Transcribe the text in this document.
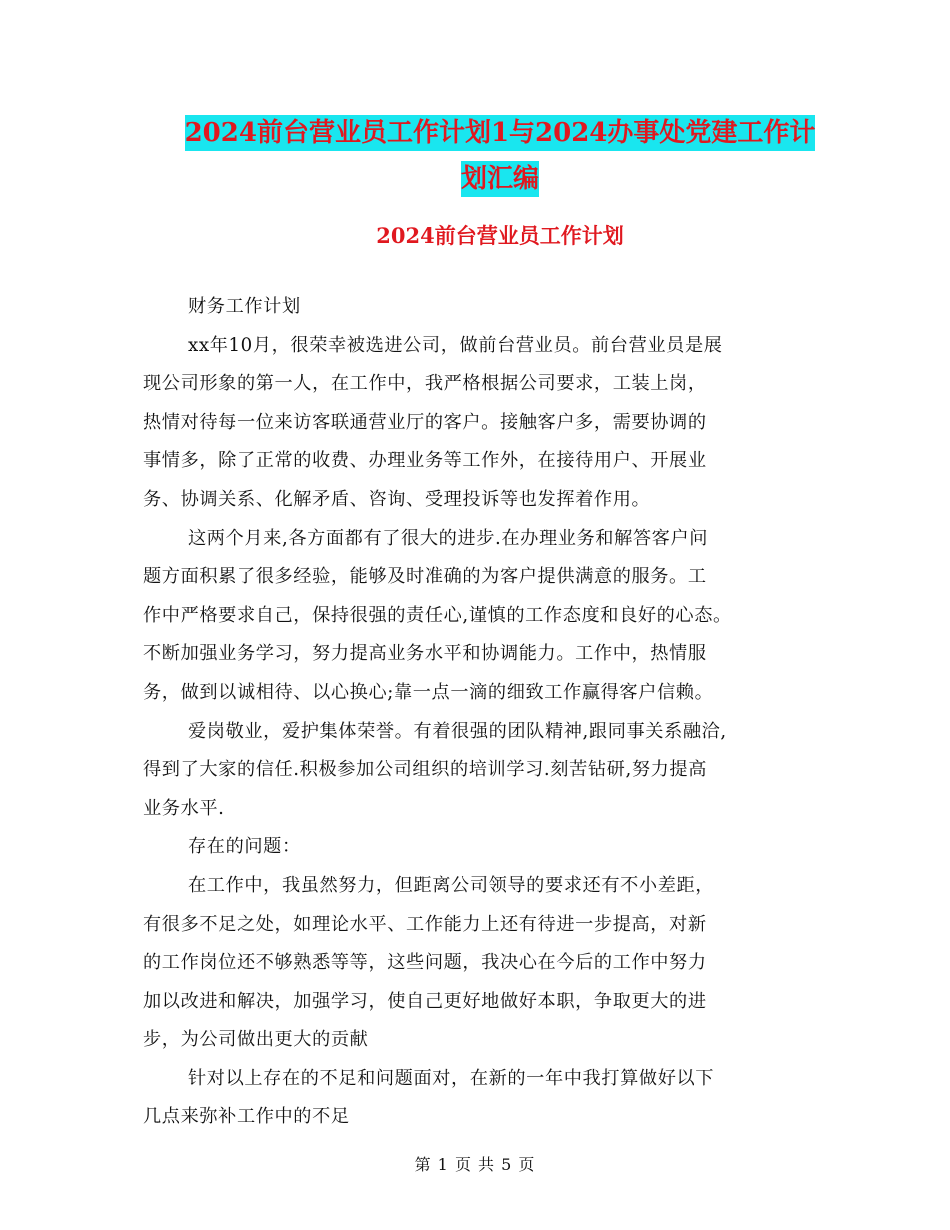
2024前台营业员工作计划1与2024办事处党建工作计
划汇编
2024前台营业员工作计划
财务工作计划
xx年10月，很荣幸被选进公司，做前台营业员。前台营业员是展
现公司形象的第一人，在工作中，我严格根据公司要求，工装上岗，
热情对待每一位来访客联通营业厅的客户。接触客户多，需要协调的
事情多，除了正常的收费、办理业务等工作外，在接待用户、开展业
务、协调关系、化解矛盾、咨询、受理投诉等也发挥着作用。
这两个月来,各方面都有了很大的进步.在办理业务和解答客户问
题方面积累了很多经验，能够及时准确的为客户提供满意的服务。工
作中严格要求自己，保持很强的责任心,谨慎的工作态度和良好的心态。
不断加强业务学习，努力提高业务水平和协调能力。工作中，热情服
务，做到以诚相待、以心换心;靠一点一滴的细致工作赢得客户信赖。
爱岗敬业，爱护集体荣誉。有着很强的团队精神,跟同事关系融洽,
得到了大家的信任.积极参加公司组织的培训学习.刻苦钻研,努力提高
业务水平.
存在的问题：
在工作中，我虽然努力，但距离公司领导的要求还有不小差距，
有很多不足之处，如理论水平、工作能力上还有待进一步提高，对新
的工作岗位还不够熟悉等等，这些问题，我决心在今后的工作中努力
加以改进和解决，加强学习，使自己更好地做好本职，争取更大的进
步，为公司做出更大的贡献
针对以上存在的不足和问题面对，在新的一年中我打算做好以下
几点来弥补工作中的不足
第 1 页 共 5 页
